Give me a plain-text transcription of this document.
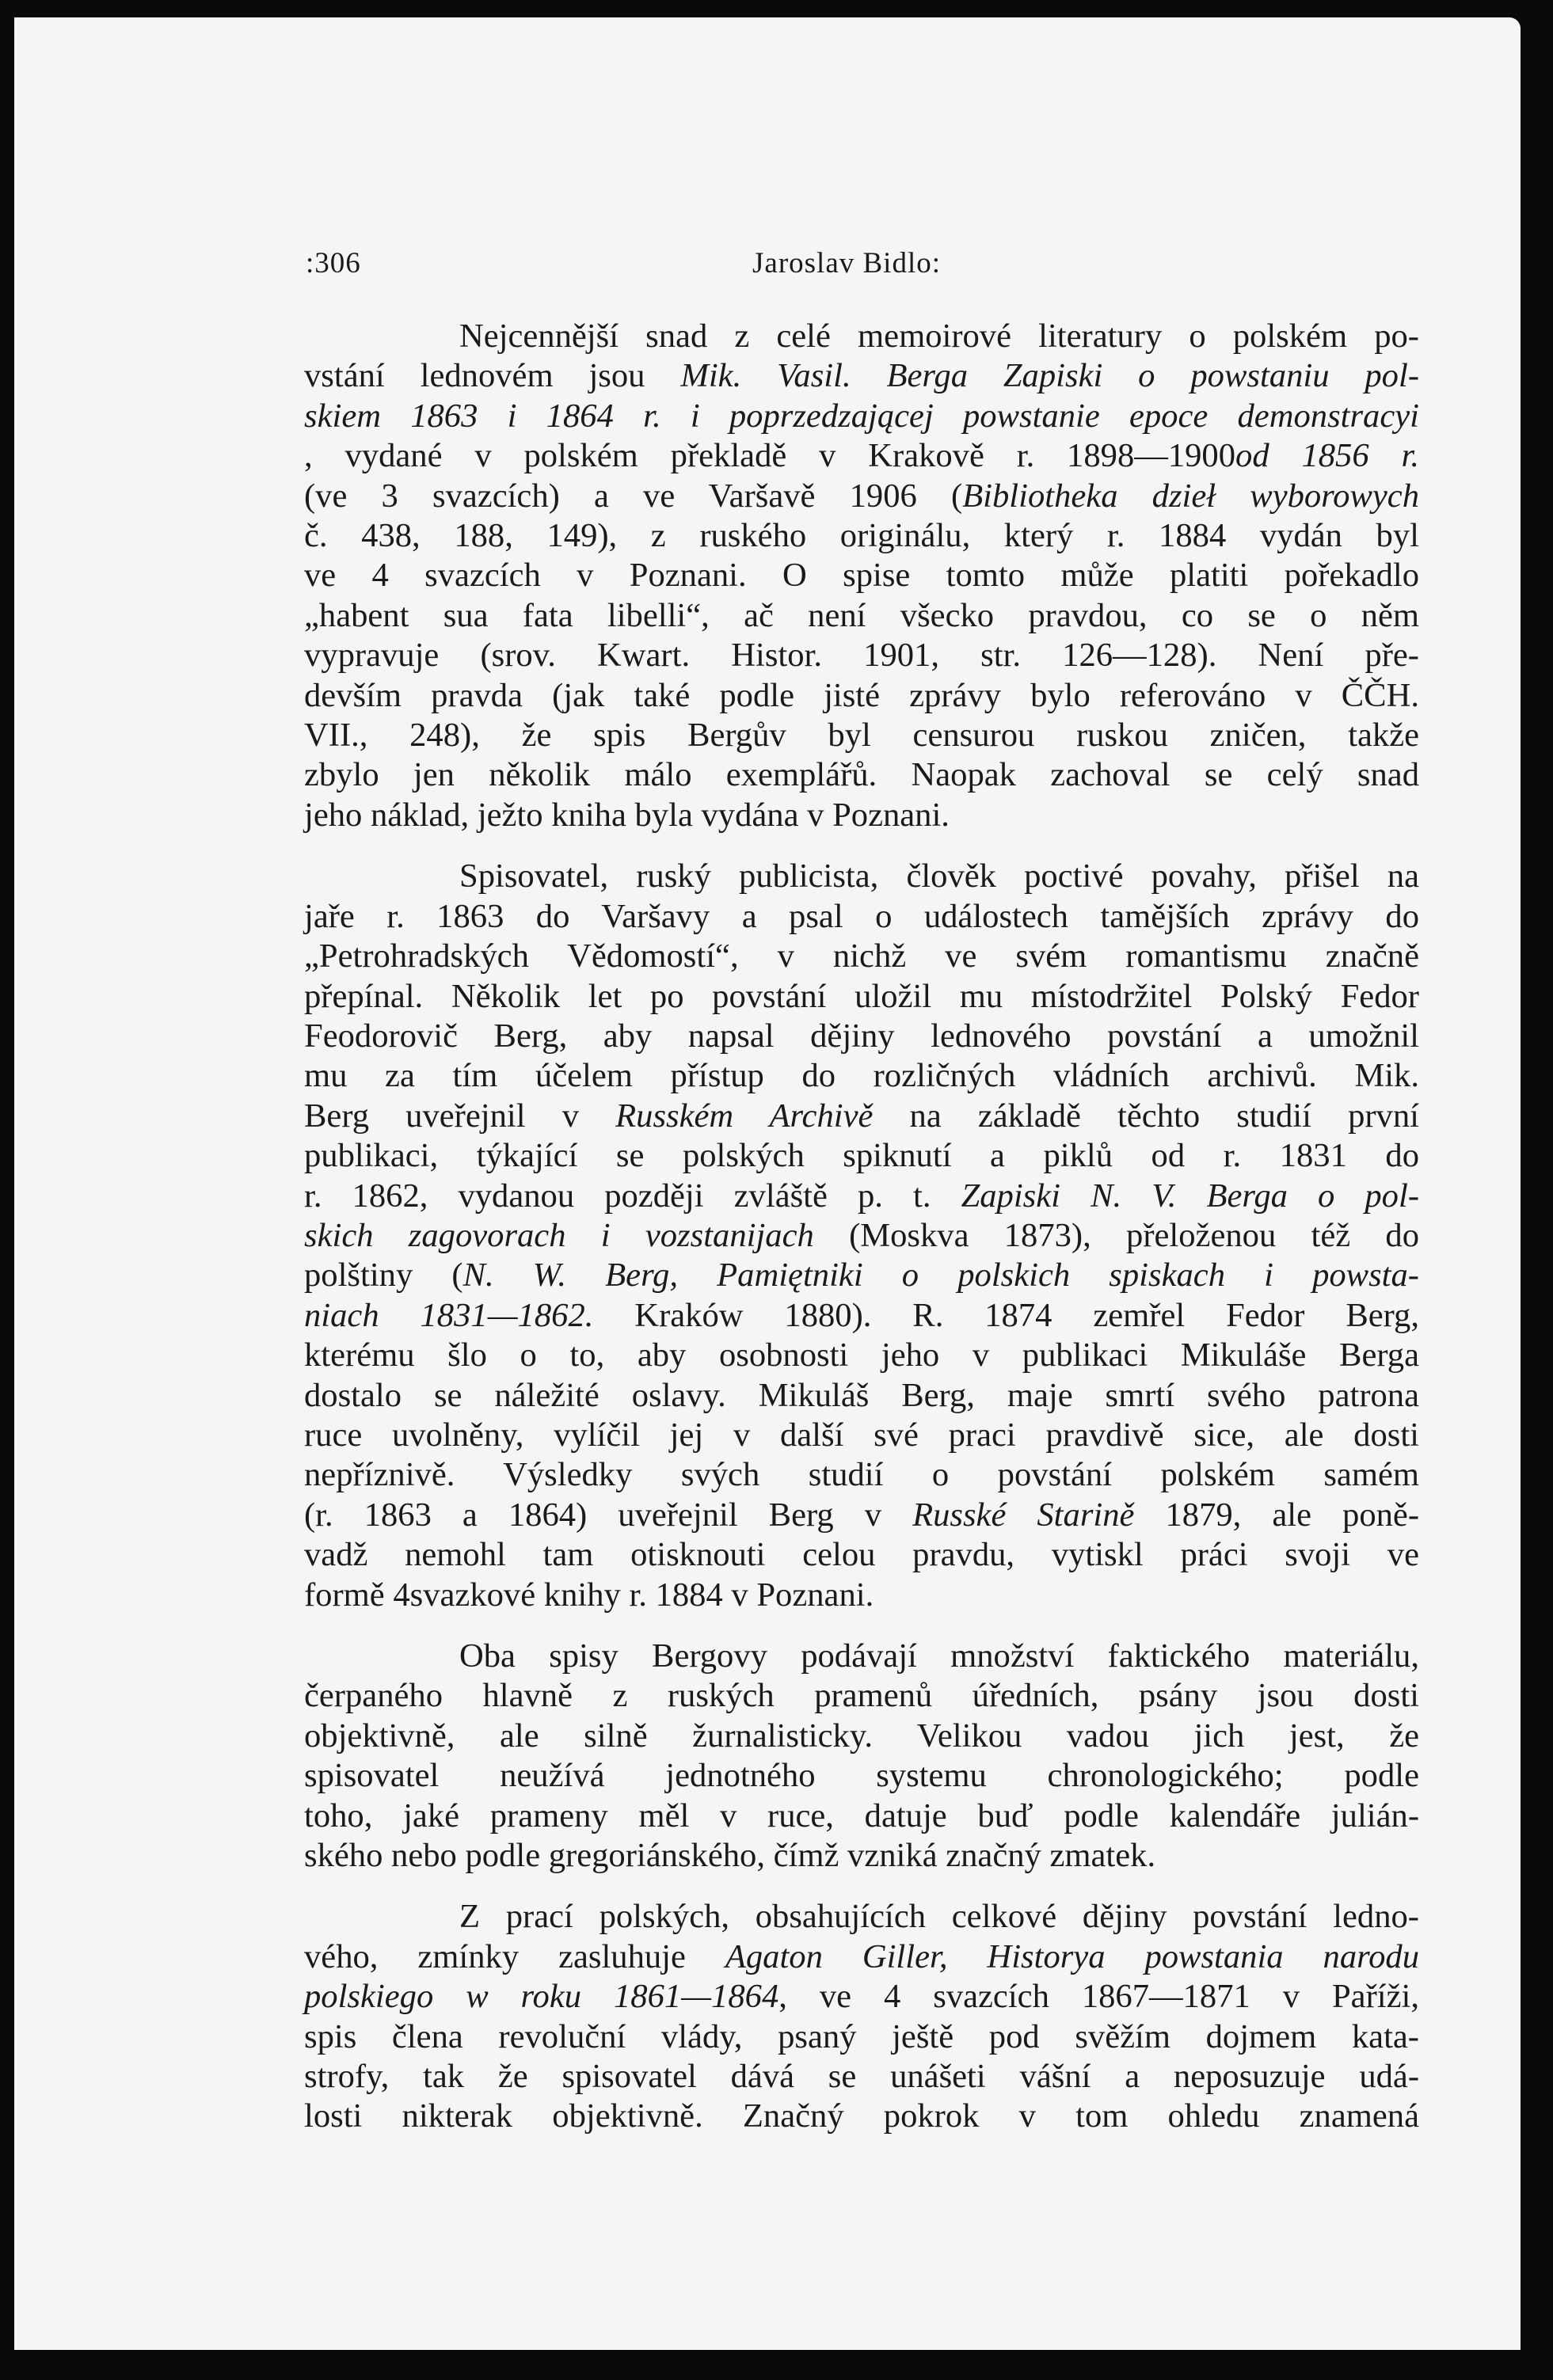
:306	Jaroslav Bidlo:
Nejcennější snad z celé memoirové literatury o polském po-
vstání lednovém jsou Mik. Vasil. Berga Zapiski o powstaniu pol-
skiem 1863 i 1864 r. i poprzedzającej powstanie epoce demonstracyi
, vydané v polském překladě v Krakově r. 1898—1900od 1856 r.
(ve 3 svazcích) a ve Varšavě 1906 (Bibliotheka dzieł wyborowych
č. 438, 188, 149), z ruského originálu, který r. 1884 vydán byl
ve 4 svazcích v Poznani. O spise tomto může platiti pořekadlo
„habent sua fata libelli“, ač není všecko pravdou, co se o něm
vypravuje (srov. Kwart. Histor. 1901, str. 126—128). Není pře-
devším pravda (jak také podle jisté zprávy bylo referováno v ČČH.
VII., 248), že spis Bergův byl censurou ruskou zničen, takže
zbylo jen několik málo exemplářů. Naopak zachoval se celý snad
jeho náklad, ježto kniha byla vydána v Poznani.
Spisovatel, ruský publicista, člověk poctivé povahy, přišel na
jaře r. 1863 do Varšavy a psal o událostech tamějších zprávy do
„Petrohradských Vědomostí“, v nichž ve svém romantismu značně
přepínal. Několik let po povstání uložil mu místodržitel Polský Fedor
Feodorovič Berg, aby napsal dějiny lednového povstání a umožnil
mu za tím účelem přístup do rozličných vládních archivů. Mik.
Berg uveřejnil v Rusském Archivě na základě těchto studií první
publikaci, týkající se polských spiknutí a piklů od r. 1831 do
r. 1862, vydanou později zvláště p. t. Zapiski N. V. Berga o pol-
skich zagovorach i vozstanijach (Moskva 1873), přeloženou též do
polštiny (N. W. Berg, Pamiętniki o polskich spiskach i powsta-
niach 1831—1862. Kraków 1880). R. 1874 zemřel Fedor Berg,
kterému šlo o to, aby osobnosti jeho v publikaci Mikuláše Berga
dostalo se náležité oslavy. Mikuláš Berg, maje smrtí svého patrona
ruce uvolněny, vylíčil jej v další své praci pravdivě sice, ale dosti
nepříznivě. Výsledky svých studií o povstání polském samém
(r. 1863 a 1864) uveřejnil Berg v Russké Starině 1879, ale poně-
vadž nemohl tam otisknouti celou pravdu, vytiskl práci svoji ve
formě 4svazkové knihy r. 1884 v Poznani.
Oba spisy Bergovy podávají množství faktického materiálu,
čerpaného hlavně z ruských pramenů úředních, psány jsou dosti
objektivně, ale silně žurnalisticky. Velikou vadou jich jest, že
spisovatel neužívá jednotného systemu chronologického; podle
toho, jaké prameny měl v ruce, datuje buď podle kalendáře julián-
ského nebo podle gregoriánského, čímž vzniká značný zmatek.
Z prací polských, obsahujících celkové dějiny povstání ledno-
vého, zmínky zasluhuje Agaton Giller, Historya powstania narodu
polskiego w roku 1861—1864, ve 4 svazcích 1867—1871 v Paříži,
spis člena revoluční vlády, psaný ještě pod svěžím dojmem kata-
strofy, tak že spisovatel dává se unášeti vášní a neposuzuje udá-
losti nikterak objektivně. Značný pokrok v tom ohledu znamená
